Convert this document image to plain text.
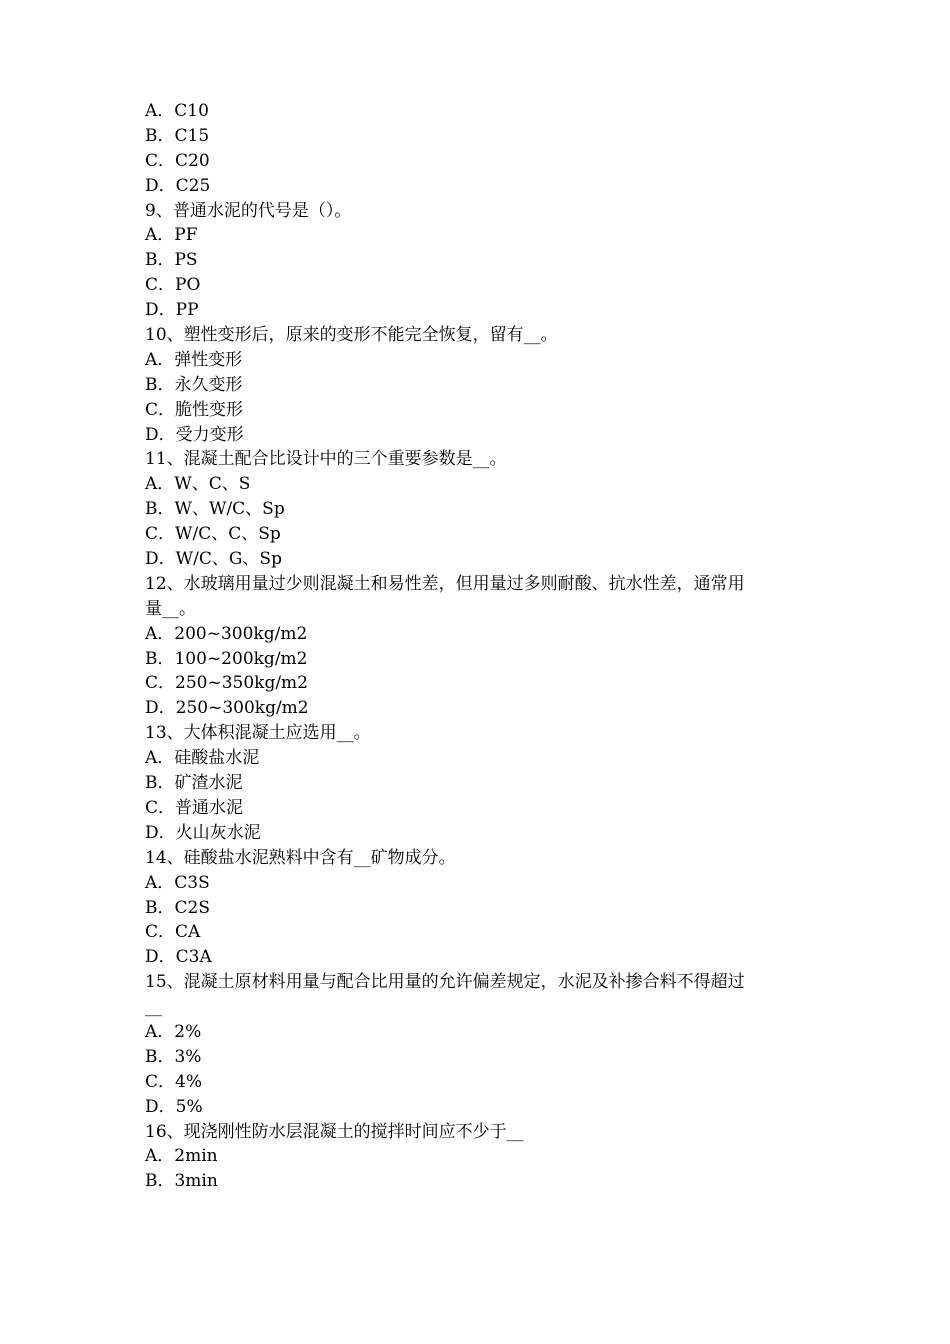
A．C10
B．C15
C．C20
D．C25
9、普通水泥的代号是（）。
A．PF
B．PS
C．PO
D．PP
10、塑性变形后，原来的变形不能完全恢复，留有__。
A．弹性变形
B．永久变形
C．脆性变形
D．受力变形
11、混凝土配合比设计中的三个重要参数是__。
A．W、C、S
B．W、W/C、Sp
C．W/C、C、Sp
D．W/C、G、Sp
12、水玻璃用量过少则混凝土和易性差，但用量过多则耐酸、抗水性差，通常用
量__。
A．200~300kg/m2
B．100~200kg/m2
C．250~350kg/m2
D．250~300kg/m2
13、大体积混凝土应选用__。
A．硅酸盐水泥
B．矿渣水泥
C．普通水泥
D．火山灰水泥
14、硅酸盐水泥熟料中含有__矿物成分。
A．C3S
B．C2S
C．CA
D．C3A
15、混凝土原材料用量与配合比用量的允许偏差规定，水泥及补掺合料不得超过
__
A．2%
B．3%
C．4%
D．5%
16、现浇刚性防水层混凝土的搅拌时间应不少于__
A．2min
B．3min
